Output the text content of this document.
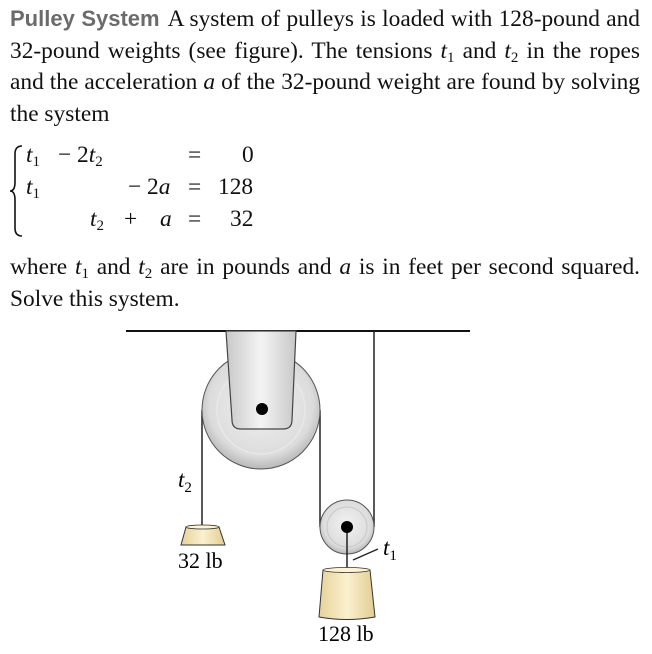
Pulley System A system of pulleys is loaded with 128-pound and 32-pound weights (see figure). The tensions $t_1$ and $t_2$ in the ropes and the acceleration a of the 32-pound weight are found by solving the system
$t_1 - 2t_2$	= 0
$t_1$	− 2a = 128
$t_2 + a = 32$
where $t_1$ and $t_2$ are in pounds and a is in feet per second squared. Solve this system.
$t_2$
$t_1$
32 lb
128 lb
